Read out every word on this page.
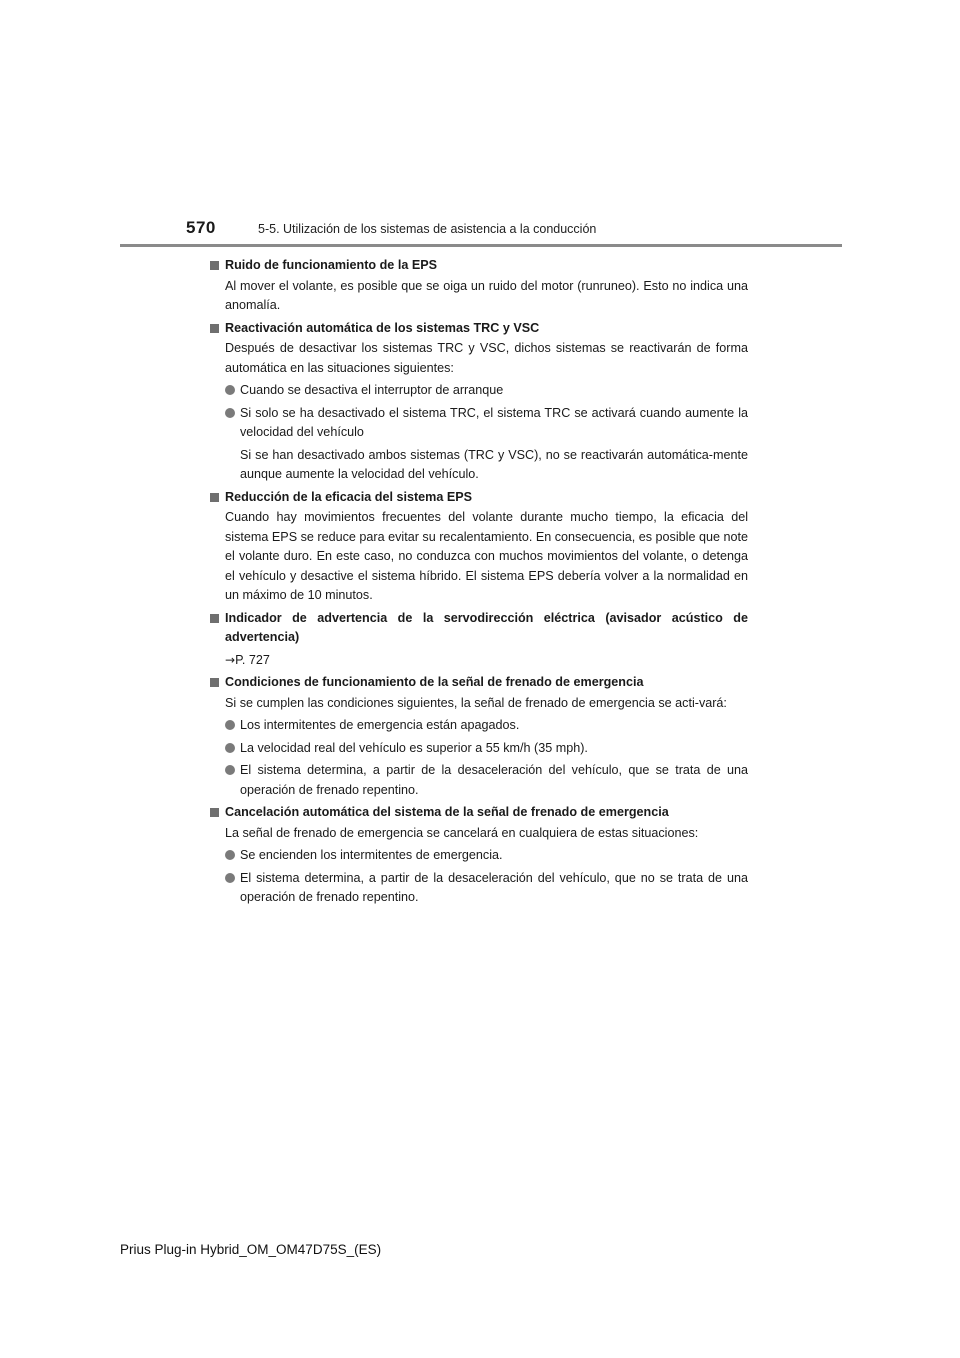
570	5-5. Utilización de los sistemas de asistencia a la conducción
Ruido de funcionamiento de la EPS
Al mover el volante, es posible que se oiga un ruido del motor (runruneo). Esto no indica una anomalía.
Reactivación automática de los sistemas TRC y VSC
Después de desactivar los sistemas TRC y VSC, dichos sistemas se reactivarán de forma automática en las situaciones siguientes:
Cuando se desactiva el interruptor de arranque
Si solo se ha desactivado el sistema TRC, el sistema TRC se activará cuando aumente la velocidad del vehículo
Si se han desactivado ambos sistemas (TRC y VSC), no se reactivarán automática-mente aunque aumente la velocidad del vehículo.
Reducción de la eficacia del sistema EPS
Cuando hay movimientos frecuentes del volante durante mucho tiempo, la eficacia del sistema EPS se reduce para evitar su recalentamiento. En consecuencia, es posible que note el volante duro. En este caso, no conduzca con muchos movimientos del volante, o detenga el vehículo y desactive el sistema híbrido. El sistema EPS debería volver a la normalidad en un máximo de 10 minutos.
Indicador de advertencia de la servodirección eléctrica (avisador acústico de advertencia)
→P. 727
Condiciones de funcionamiento de la señal de frenado de emergencia
Si se cumplen las condiciones siguientes, la señal de frenado de emergencia se acti-vará:
Los intermitentes de emergencia están apagados.
La velocidad real del vehículo es superior a 55 km/h (35 mph).
El sistema determina, a partir de la desaceleración del vehículo, que se trata de una operación de frenado repentino.
Cancelación automática del sistema de la señal de frenado de emergencia
La señal de frenado de emergencia se cancelará en cualquiera de estas situaciones:
Se encienden los intermitentes de emergencia.
El sistema determina, a partir de la desaceleración del vehículo, que no se trata de una operación de frenado repentino.
Prius Plug-in Hybrid_OM_OM47D75S_(ES)
